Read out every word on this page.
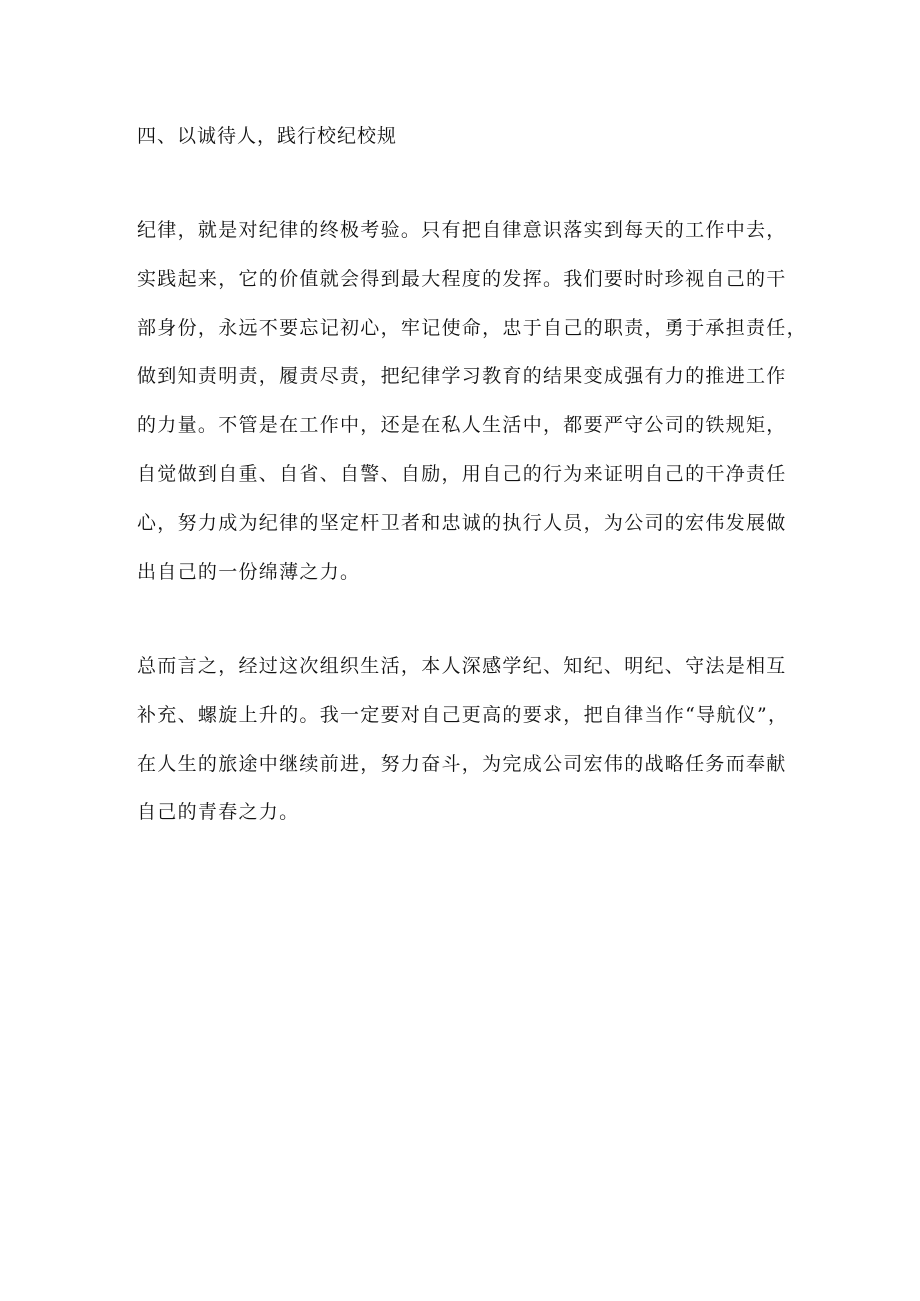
四、以诚待人，践行校纪校规
纪律，就是对纪律的终极考验。只有把自律意识落实到每天的工作中去，
实践起来，它的价值就会得到最大程度的发挥。我们要时时珍视自己的干
部身份，永远不要忘记初心，牢记使命，忠于自己的职责，勇于承担责任，
做到知责明责，履责尽责，把纪律学习教育的结果变成强有力的推进工作
的力量。不管是在工作中，还是在私人生活中，都要严守公司的铁规矩，
自觉做到自重、自省、自警、自励，用自己的行为来证明自己的干净责任
心，努力成为纪律的坚定杆卫者和忠诚的执行人员，为公司的宏伟发展做
出自己的一份绵薄之力。
总而言之，经过这次组织生活，本人深感学纪、知纪、明纪、守法是相互
补充、螺旋上升的。我一定要对自己更高的要求，把自律当作“导航仪”，
在人生的旅途中继续前进，努力奋斗，为完成公司宏伟的战略任务而奉献
自己的青春之力。
